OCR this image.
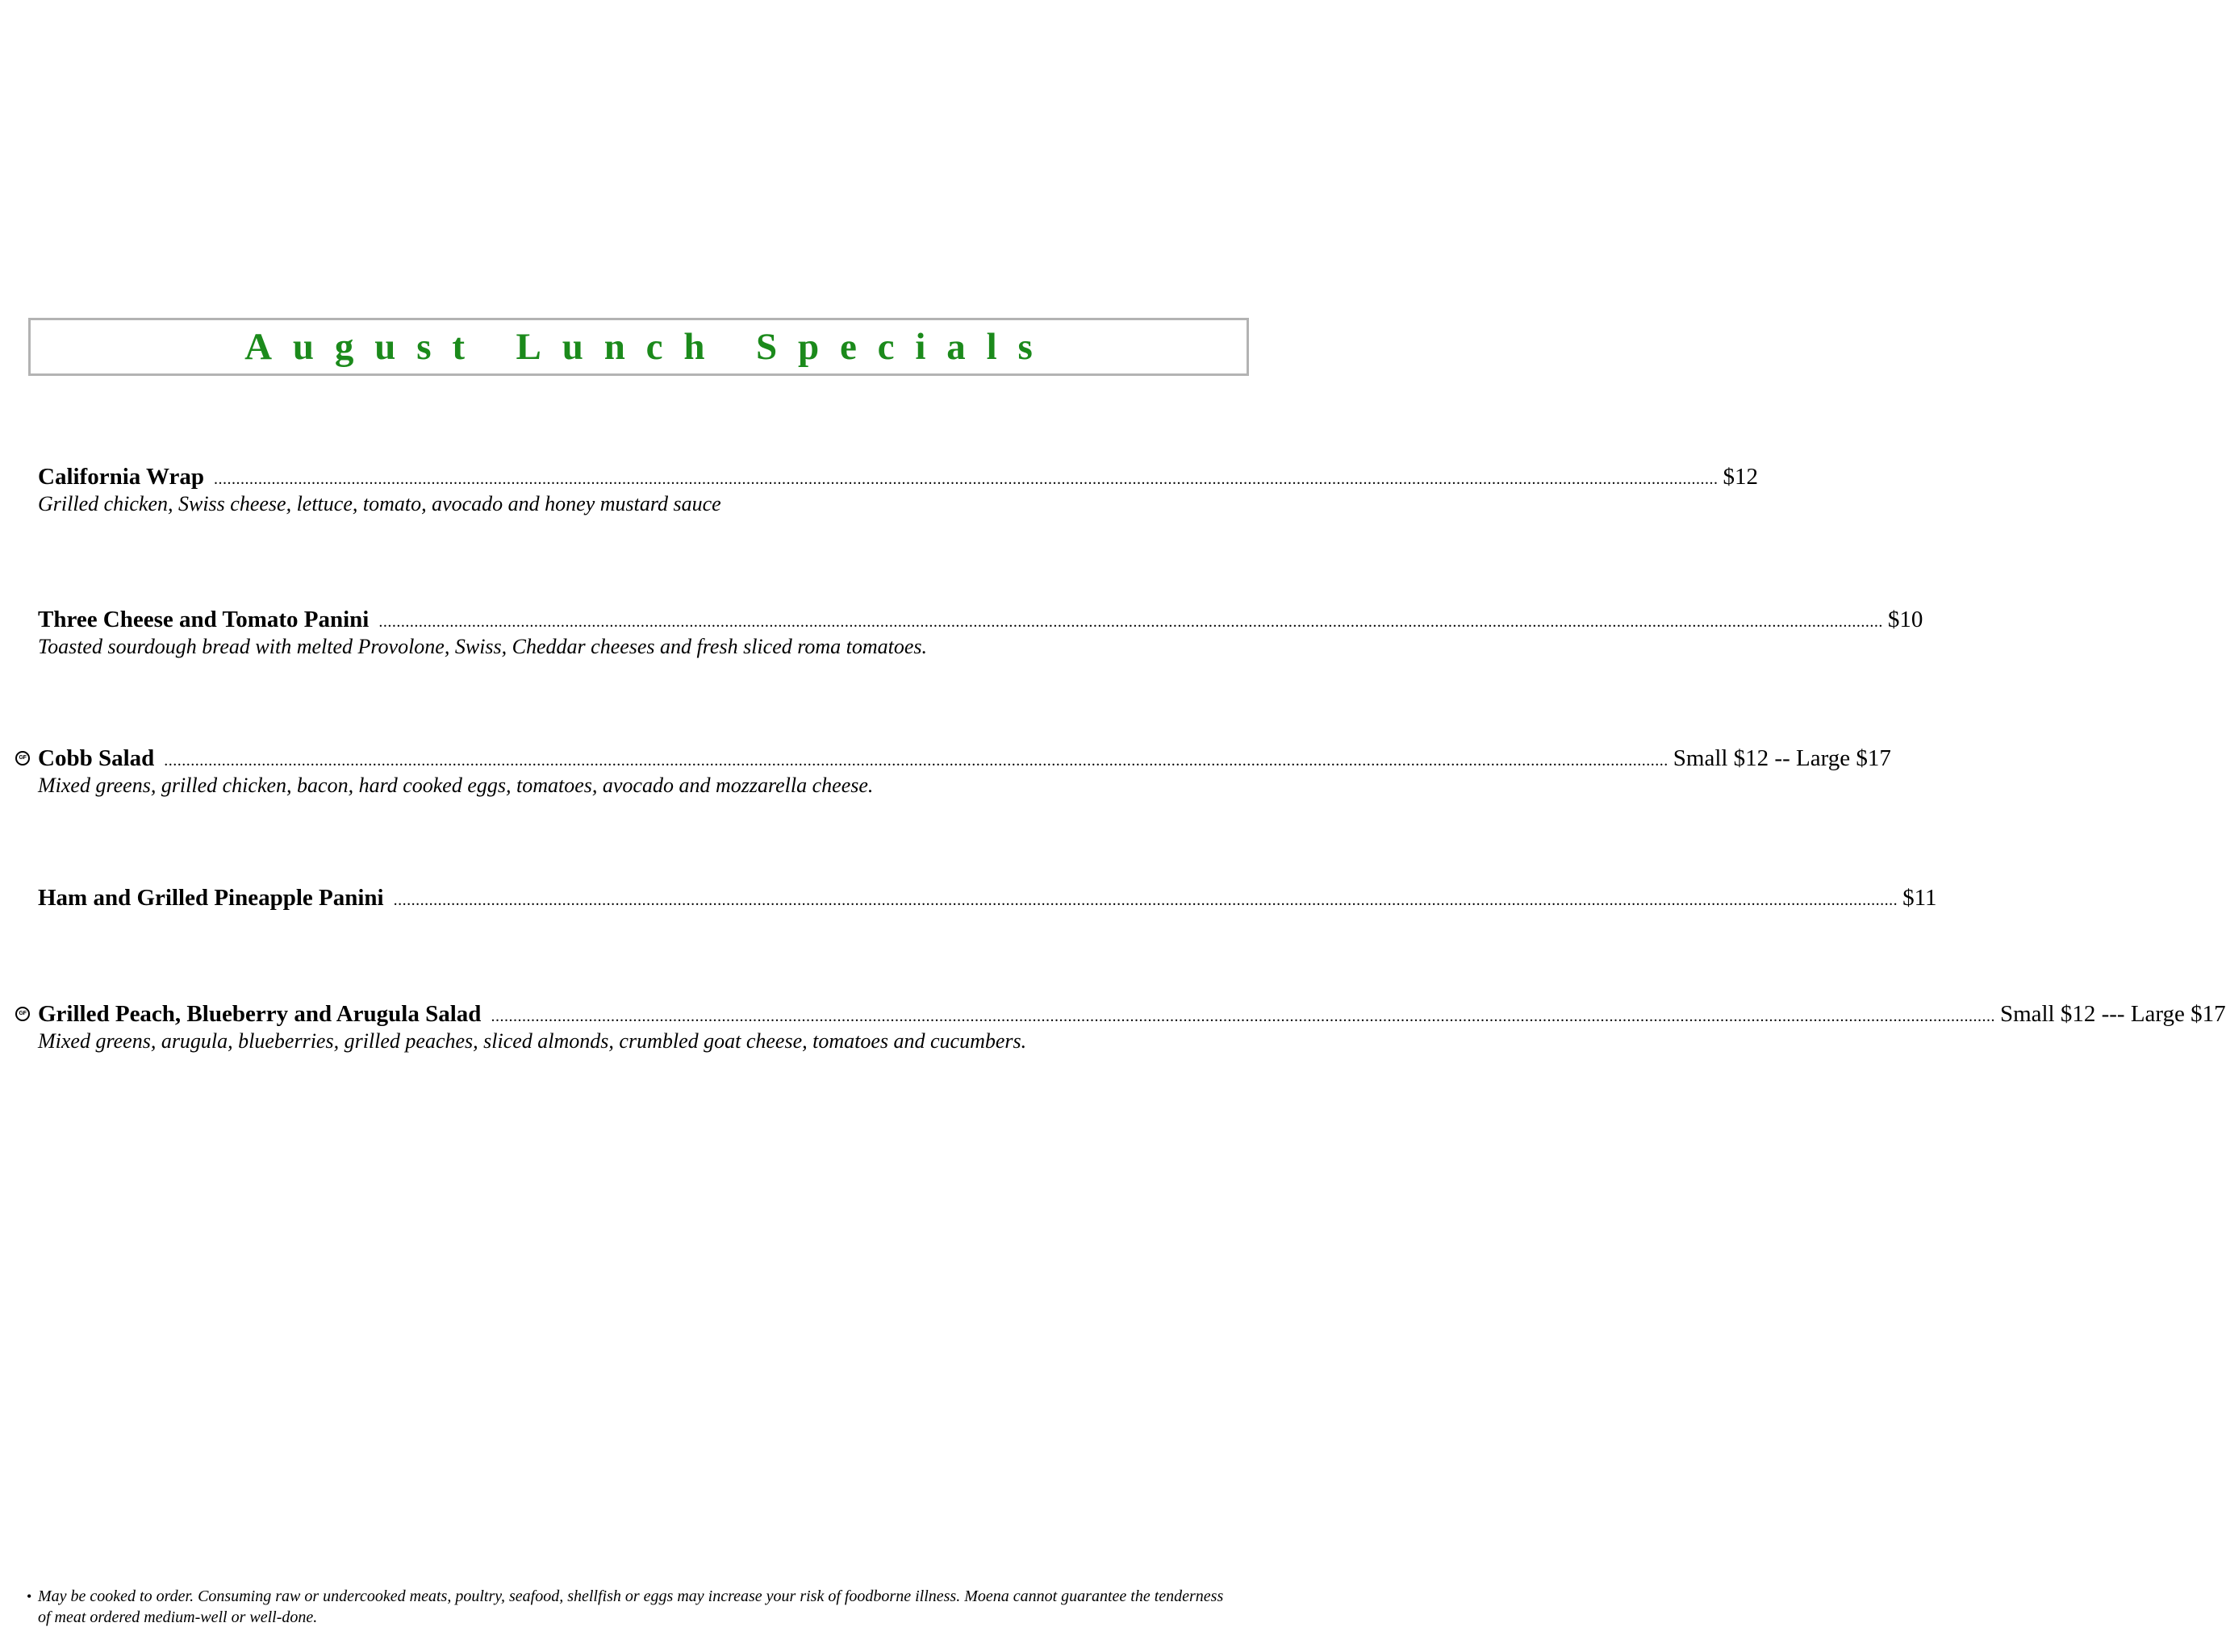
August Lunch Specials
California Wrap ................................................................................................................................................................................................................................................................................................................................................... $12
Grilled chicken, Swiss cheese, lettuce, tomato, avocado and honey mustard sauce
Three Cheese and Tomato Panini ................................................................................................................................................................................................................................................................................................................................................... $10
Toasted sourdough bread with melted Provolone, Swiss, Cheddar cheeses and fresh sliced roma tomatoes.
GF Cobb Salad ................................................................................................................................................................................................................................................................................................................................................... Small $12 -- Large $17
Mixed greens, grilled chicken, bacon, hard cooked eggs, tomatoes, avocado and mozzarella cheese.
Ham and Grilled Pineapple Panini ................................................................................................................................................................................................................................................................................................................................................... $11
GF Grilled Peach, Blueberry and Arugula Salad ................................................................................................................................................................................................................................................................................................................................................... Small $12 --- Large $17
Mixed greens, arugula, blueberries, grilled peaches, sliced almonds, crumbled goat cheese, tomatoes and cucumbers.
• May be cooked to order. Consuming raw or undercooked meats, poultry, seafood, shellfish or eggs may increase your risk of foodborne illness. Moena cannot guarantee the tenderness of meat ordered medium-well or well-done.
